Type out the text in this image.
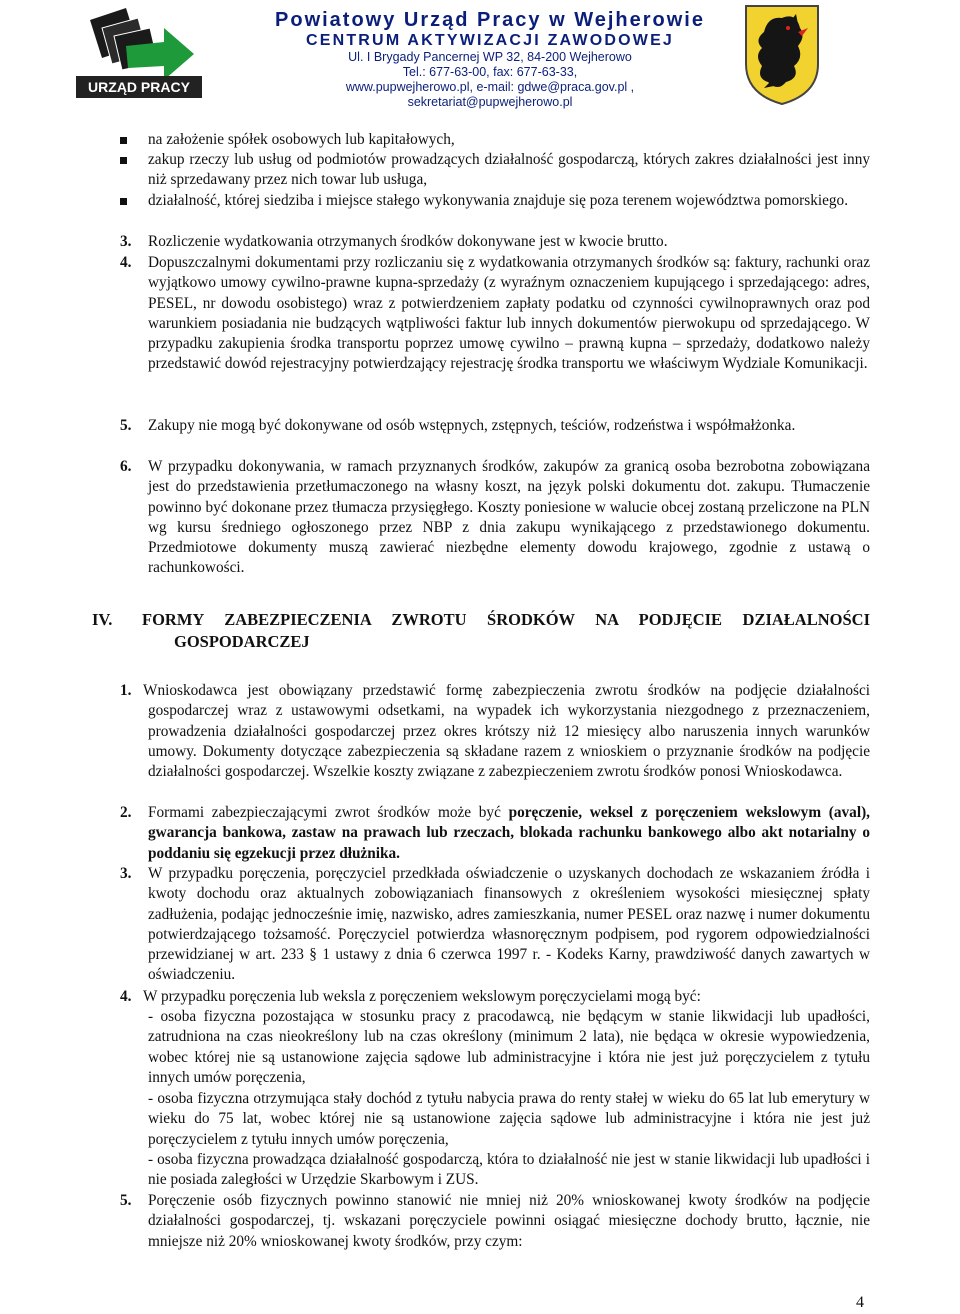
URZĄD PRACY
Powiatowy Urząd Pracy w Wejherowie
CENTRUM AKTYWIZACJI ZAWODOWEJ
Ul. I Brygady Pancernej WP 32, 84-200 Wejherowo
Tel.: 677-63-00, fax: 677-63-33,
www.pupwejherowo.pl, e-mail: gdwe@praca.gov.pl ,
sekretariat@pupwejherowo.pl
na założenie spółek osobowych lub kapitałowych,
zakup rzeczy lub usług od podmiotów prowadzących działalność gospodarczą, których zakres działalności jest inny niż sprzedawany przez nich towar lub usługa,
działalność, której siedziba i miejsce stałego wykonywania znajduje się poza terenem województwa pomorskiego.
3. Rozliczenie wydatkowania otrzymanych środków dokonywane jest w kwocie brutto.
4. Dopuszczalnymi dokumentami przy rozliczaniu się z wydatkowania otrzymanych środków są: faktury, rachunki oraz wyjątkowo umowy cywilno-prawne kupna-sprzedaży (z wyraźnym oznaczeniem kupującego i sprzedającego: adres, PESEL, nr dowodu osobistego) wraz z potwierdzeniem zapłaty podatku od czynności cywilnoprawnych oraz pod warunkiem posiadania nie budzących wątpliwości faktur lub innych dokumentów pierwokupu od sprzedającego. W przypadku zakupienia środka transportu poprzez umowę cywilno – prawną kupna – sprzedaży, dodatkowo należy przedstawić dowód rejestracyjny potwierdzający rejestrację środka transportu we właściwym Wydziale Komunikacji.
5. Zakupy nie mogą być dokonywane od osób wstępnych, zstępnych, teściów, rodzeństwa i współmałżonka.
6. W przypadku dokonywania, w ramach przyznanych środków, zakupów za granicą osoba bezrobotna zobowiązana jest do przedstawienia przetłumaczonego na własny koszt, na język polski dokumentu dot. zakupu. Tłumaczenie powinno być dokonane przez tłumacza przysięgłego. Koszty poniesione w walucie obcej zostaną przeliczone na PLN wg kursu średniego ogłoszonego przez NBP z dnia zakupu wynikającego z przedstawionego dokumentu. Przedmiotowe dokumenty muszą zawierać niezbędne elementy dowodu krajowego, zgodnie z ustawą o rachunkowości.
IV. FORMY ZABEZPIECZENIA ZWROTU ŚRODKÓW NA PODJĘCIE DZIAŁALNOŚCI
GOSPODARCZEJ
1. Wnioskodawca jest obowiązany przedstawić formę zabezpieczenia zwrotu środków na podjęcie działalności gospodarczej wraz z ustawowymi odsetkami, na wypadek ich wykorzystania niezgodnego z przeznaczeniem, prowadzenia działalności gospodarczej przez okres krótszy niż 12 miesięcy albo naruszenia innych warunków umowy. Dokumenty dotyczące zabezpieczenia są składane razem z wnioskiem o przyznanie środków na podjęcie działalności gospodarczej. Wszelkie koszty związane z zabezpieczeniem zwrotu środków ponosi Wnioskodawca.
2. Formami zabezpieczającymi zwrot środków może być poręczenie, weksel z poręczeniem wekslowym (aval), gwarancja bankowa, zastaw na prawach lub rzeczach, blokada rachunku bankowego albo akt notarialny o poddaniu się egzekucji przez dłużnika.
3. W przypadku poręczenia, poręczyciel przedkłada oświadczenie o uzyskanych dochodach ze wskazaniem źródła i kwoty dochodu oraz aktualnych zobowiązaniach finansowych z określeniem wysokości miesięcznej spłaty zadłużenia, podając jednocześnie imię, nazwisko, adres zamieszkania, numer PESEL oraz nazwę i numer dokumentu potwierdzającego tożsamość. Poręczyciel potwierdza własnoręcznym podpisem, pod rygorem odpowiedzialności przewidzianej w art. 233 § 1 ustawy z dnia 6 czerwca 1997 r. - Kodeks Karny, prawdziwość danych zawartych w oświadczeniu.
4. W przypadku poręczenia lub weksla z poręczeniem wekslowym poręczycielami mogą być:
- osoba fizyczna pozostająca w stosunku pracy z pracodawcą, nie będącym w stanie likwidacji lub upadłości, zatrudniona na czas nieokreślony lub na czas określony (minimum 2 lata), nie będąca w okresie wypowiedzenia, wobec której nie są ustanowione zajęcia sądowe lub administracyjne i która nie jest już poręczycielem z tytułu innych umów poręczenia,
- osoba fizyczna otrzymująca stały dochód z tytułu nabycia prawa do renty stałej w wieku do 65 lat lub emerytury w wieku do 75 lat, wobec której nie są ustanowione zajęcia sądowe lub administracyjne i która nie jest już poręczycielem z tytułu innych umów poręczenia,
- osoba fizyczna prowadząca działalność gospodarczą, która to działalność nie jest w stanie likwidacji lub upadłości i nie posiada zaległości w Urzędzie Skarbowym i ZUS.
5. Poręczenie osób fizycznych powinno stanowić nie mniej niż 20% wnioskowanej kwoty środków na podjęcie działalności gospodarczej, tj. wskazani poręczyciele powinni osiągać miesięczne dochody brutto, łącznie, nie mniejsze niż 20% wnioskowanej kwoty środków, przy czym:
4
